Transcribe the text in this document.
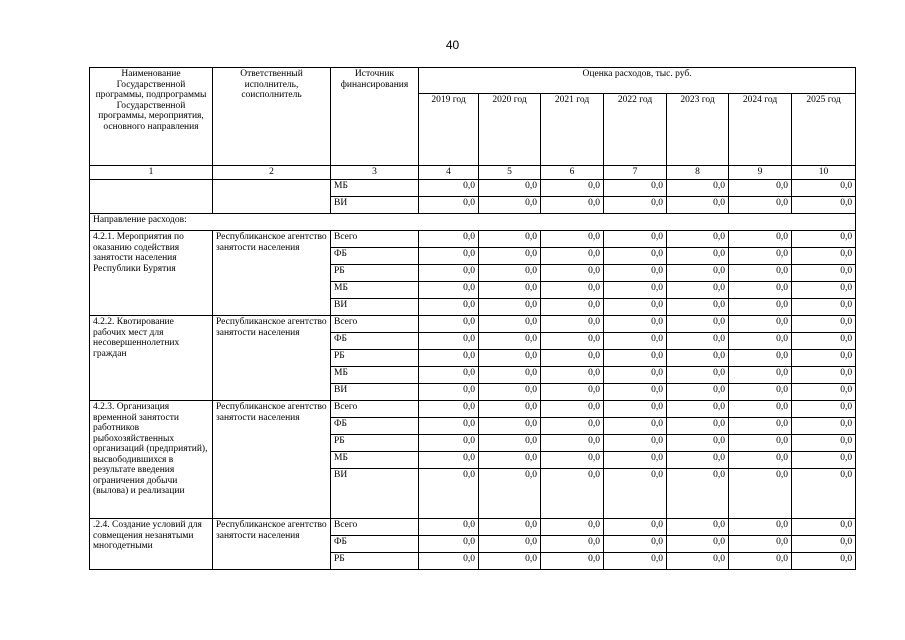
40
Наименование Государственной программы, подпрограммы Государственной программы, мероприятия, основного направления	Ответственный исполнитель, соисполнитель	Источник финансирования	Оценка расходов, тыс. руб.						
			2019 год	2020 год	2021 год	2022 год	2023 год	2024 год	2025 год
1	2	3	4	5	6	7	8	9	10
		МБ	0,0	0,0	0,0	0,0	0,0	0,0	0,0
		ВИ	0,0	0,0	0,0	0,0	0,0	0,0	0,0
Направление расходов:									
4.2.1. Мероприятия по оказанию содействия занятости населения Республики Бурятия	Республиканское агентство занятости населения	Всего	0,0	0,0	0,0	0,0	0,0	0,0	0,0
		ФБ	0,0	0,0	0,0	0,0	0,0	0,0	0,0
		РБ	0,0	0,0	0,0	0,0	0,0	0,0	0,0
		МБ	0,0	0,0	0,0	0,0	0,0	0,0	0,0
		ВИ	0,0	0,0	0,0	0,0	0,0	0,0	0,0
4.2.2. Квотирование рабочих мест для несовершеннолетних граждан	Республиканское агентство занятости населения	Всего	0,0	0,0	0,0	0,0	0,0	0,0	0,0
		ФБ	0,0	0,0	0,0	0,0	0,0	0,0	0,0
		РБ	0,0	0,0	0,0	0,0	0,0	0,0	0,0
		МБ	0,0	0,0	0,0	0,0	0,0	0,0	0,0
		ВИ	0,0	0,0	0,0	0,0	0,0	0,0	0,0
4.2.3. Организация временной занятости работников рыбохозяйственных организаций (предприятий), высвободившихся в результате введения ограничения добычи (вылова) и реализации	Республиканское агентство занятости населения	Всего	0,0	0,0	0,0	0,0	0,0	0,0	0,0
		ФБ	0,0	0,0	0,0	0,0	0,0	0,0	0,0
		РБ	0,0	0,0	0,0	0,0	0,0	0,0	0,0
		МБ	0,0	0,0	0,0	0,0	0,0	0,0	0,0
		ВИ	0,0	0,0	0,0	0,0	0,0	0,0	0,0
.2.4. Создание условий для совмещения незанятыми многодетными	Республиканское агентство занятости населения	Всего	0,0	0,0	0,0	0,0	0,0	0,0	0,0
		ФБ	0,0	0,0	0,0	0,0	0,0	0,0	0,0
		РБ	0,0	0,0	0,0	0,0	0,0	0,0	0,0
